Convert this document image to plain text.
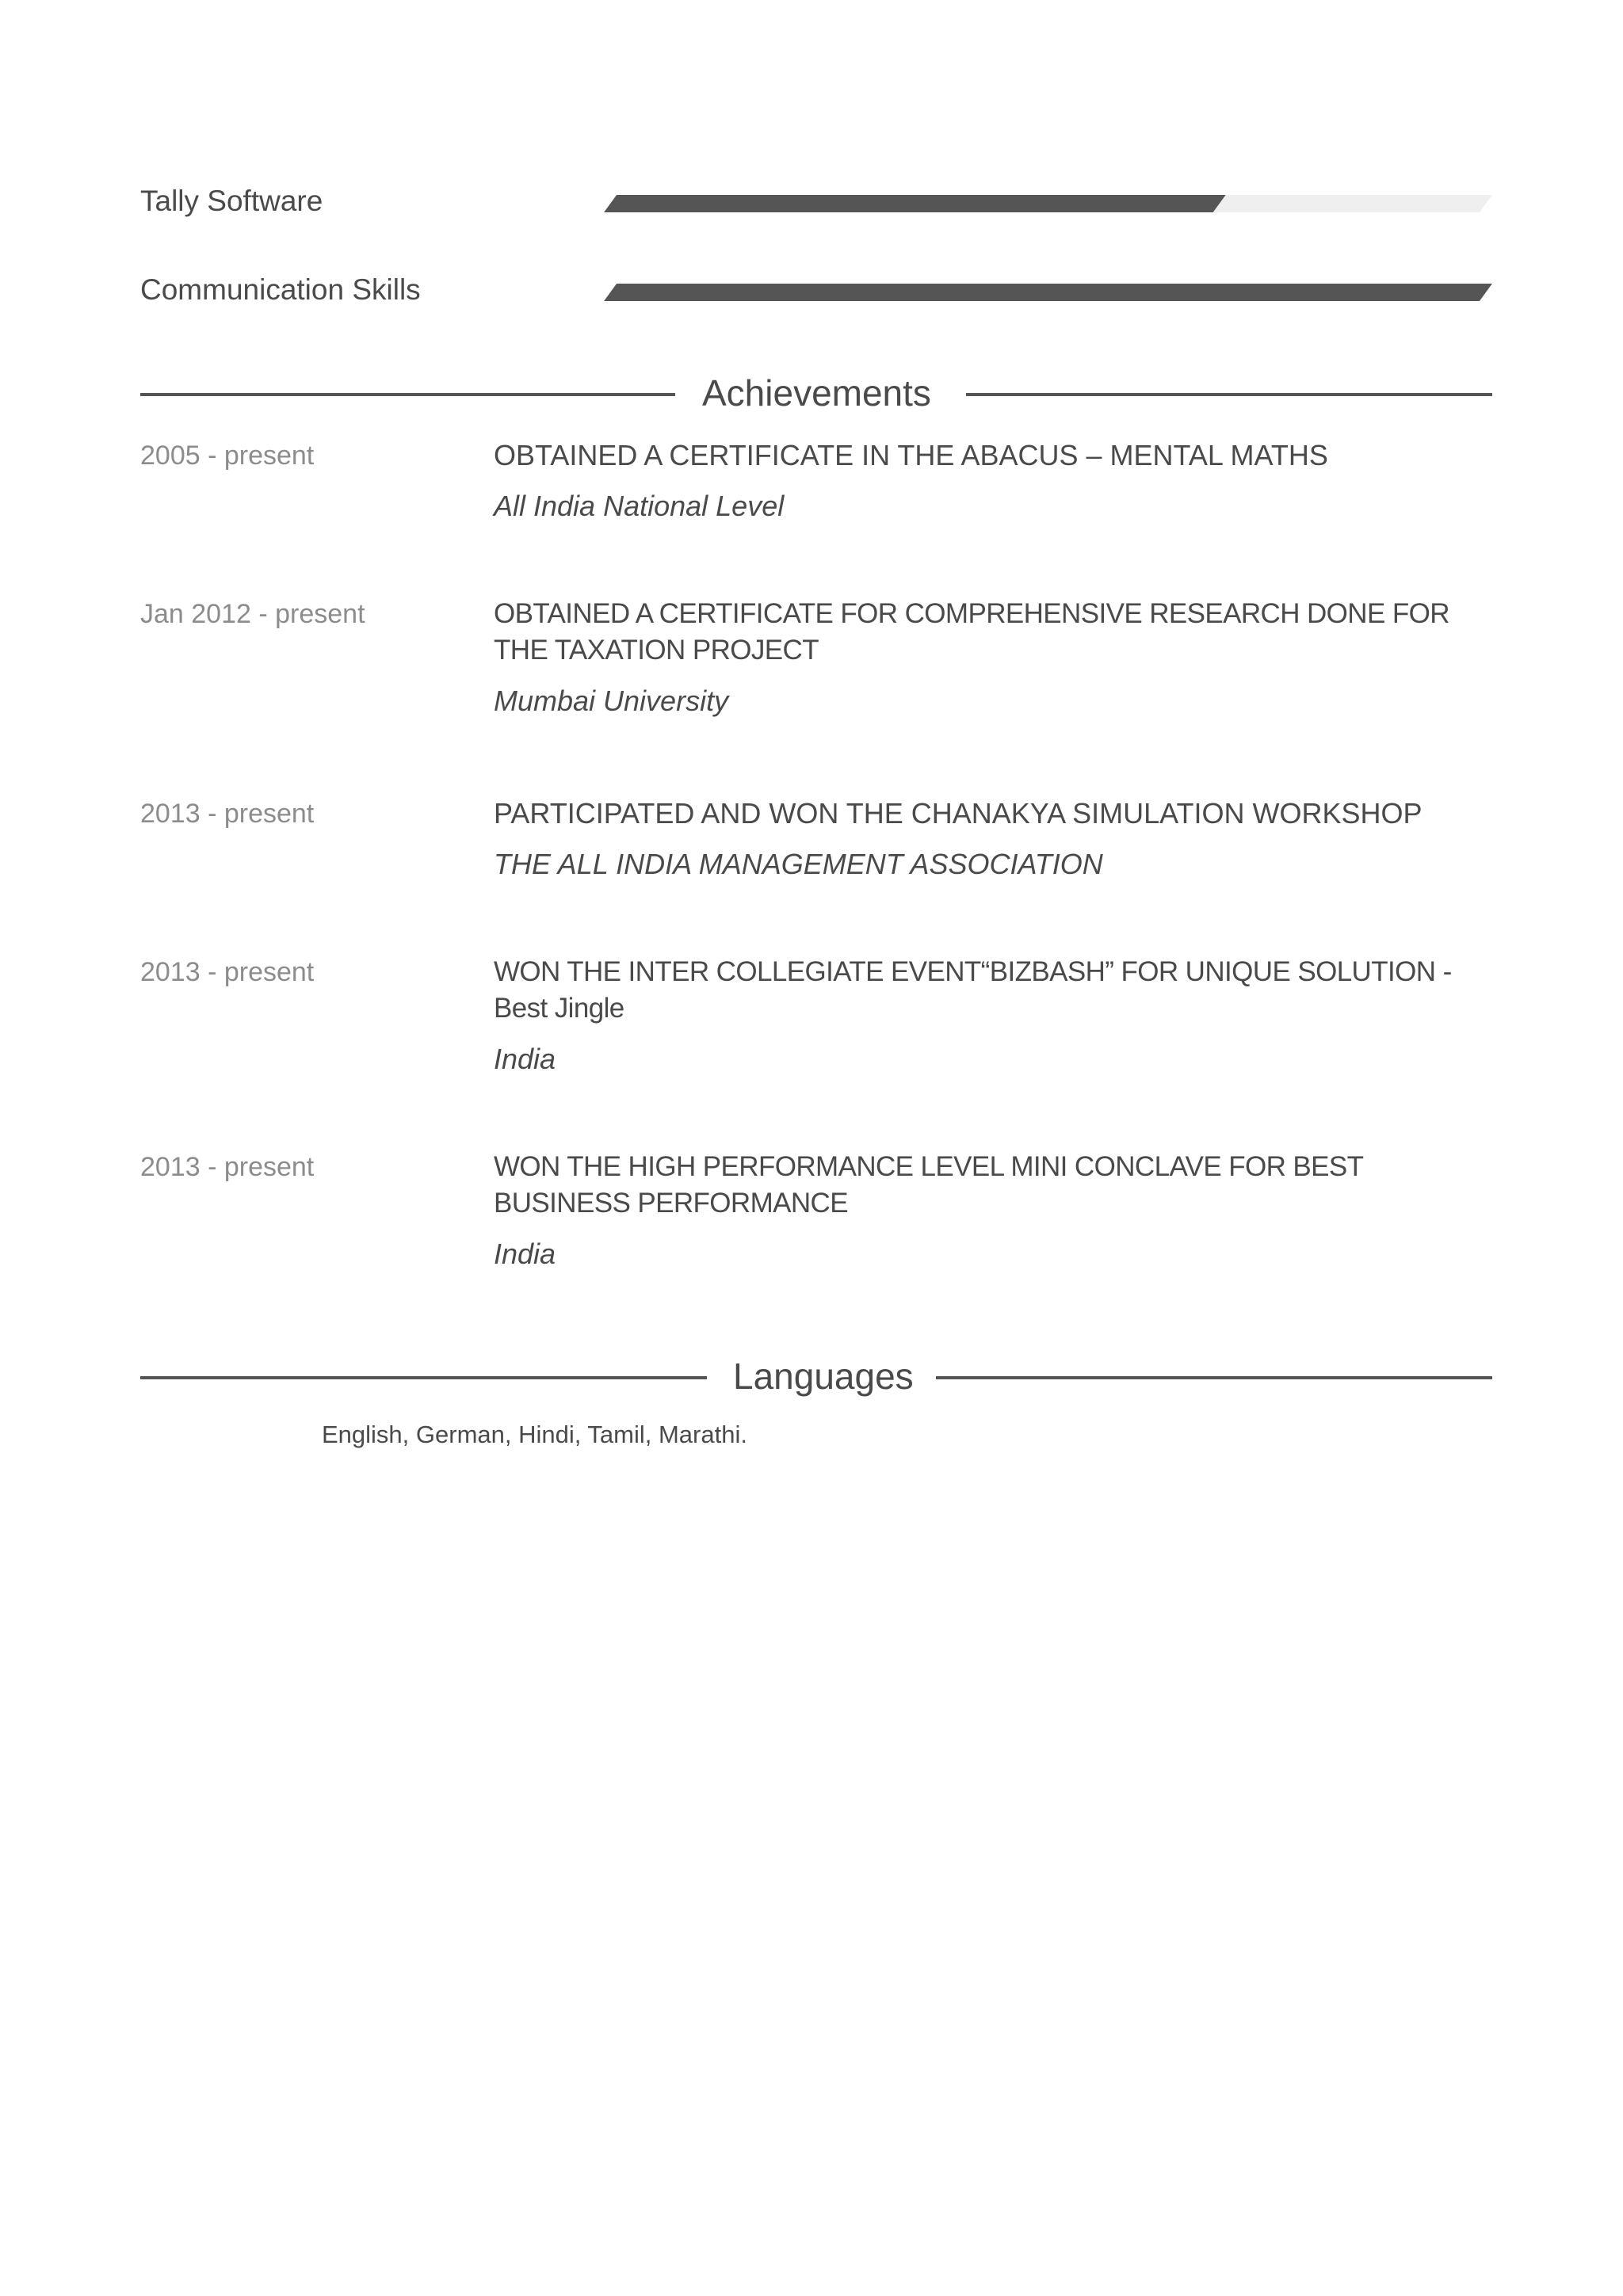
Tally Software
Communication Skills
Achievements
2005 - present	OBTAINED A CERTIFICATE IN THE ABACUS – MENTAL MATHS

All India National Level

Jan 2012 - present	OBTAINED A CERTIFICATE FOR COMPREHENSIVE RESEARCH DONE FOR THE TAXATION PROJECT

Mumbai University

2013 - present	PARTICIPATED AND WON THE CHANAKYA SIMULATION WORKSHOP

THE ALL INDIA MANAGEMENT ASSOCIATION

2013 - present	WON THE INTER COLLEGIATE EVENT“BIZBASH” FOR UNIQUE SOLUTION - Best Jingle

India

2013 - present	WON THE HIGH PERFORMANCE LEVEL MINI CONCLAVE FOR BEST BUSINESS PERFORMANCE

India

Languages
English, German, Hindi, Tamil, Marathi.
